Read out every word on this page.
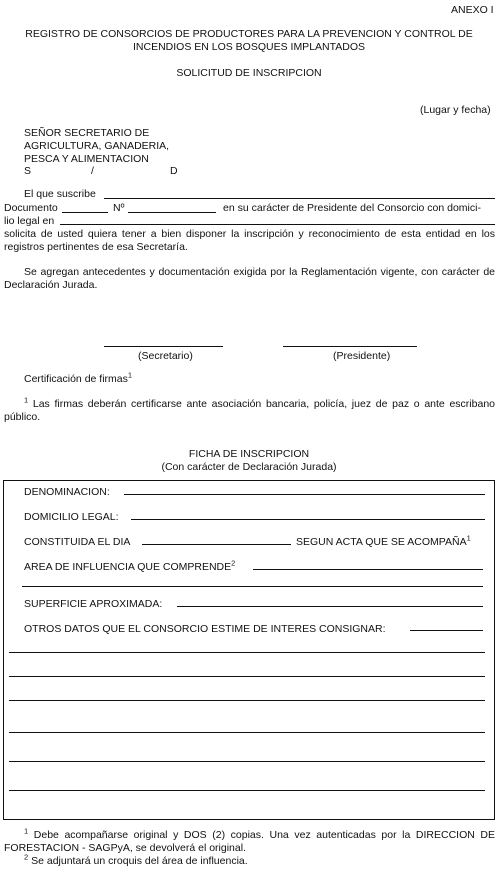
ANEXO I
REGISTRO DE CONSORCIOS DE PRODUCTORES PARA LA PREVENCION Y CONTROL DE
INCENDIOS EN LOS BOSQUES IMPLANTADOS
SOLICITUD DE INSCRIPCION
(Lugar y fecha)
SEÑOR SECRETARIO DE
AGRICULTURA, GANADERIA,
PESCA Y ALIMENTACION
S	/	D
El que suscribe
Documento	Nº	en su carácter de Presidente del Consorcio con domici-
lio legal en
solicita de usted quiera tener a bien disponer la inscripción y reconocimiento de esta entidad en los registros pertinentes de esa Secretaría.
Se agregan antecedentes y documentación exigida por la Reglamentación vigente, con carácter de Declaración Jurada.
(Secretario)	(Presidente)
Certificación de firmas$^1$
$^1$ Las firmas deberán certificarse ante asociación bancaria, policía, juez de paz o ante escribano público.
FICHA DE INSCRIPCION
(Con carácter de Declaración Jurada)
DENOMINACION:
DOMICILIO LEGAL:
CONSTITUIDA EL DIA	SEGUN ACTA QUE SE ACOMPAÑA$^1$
AREA DE INFLUENCIA QUE COMPRENDE$^2$
SUPERFICIE APROXIMADA:
OTROS DATOS QUE EL CONSORCIO ESTIME DE INTERES CONSIGNAR:
$^1$ Debe acompañarse original y DOS (2) copias. Una vez autenticadas por la DIRECCION DE FORESTACION - SAGPyA, se devolverá el original.
$^2$ Se adjuntará un croquis del área de influencia.
